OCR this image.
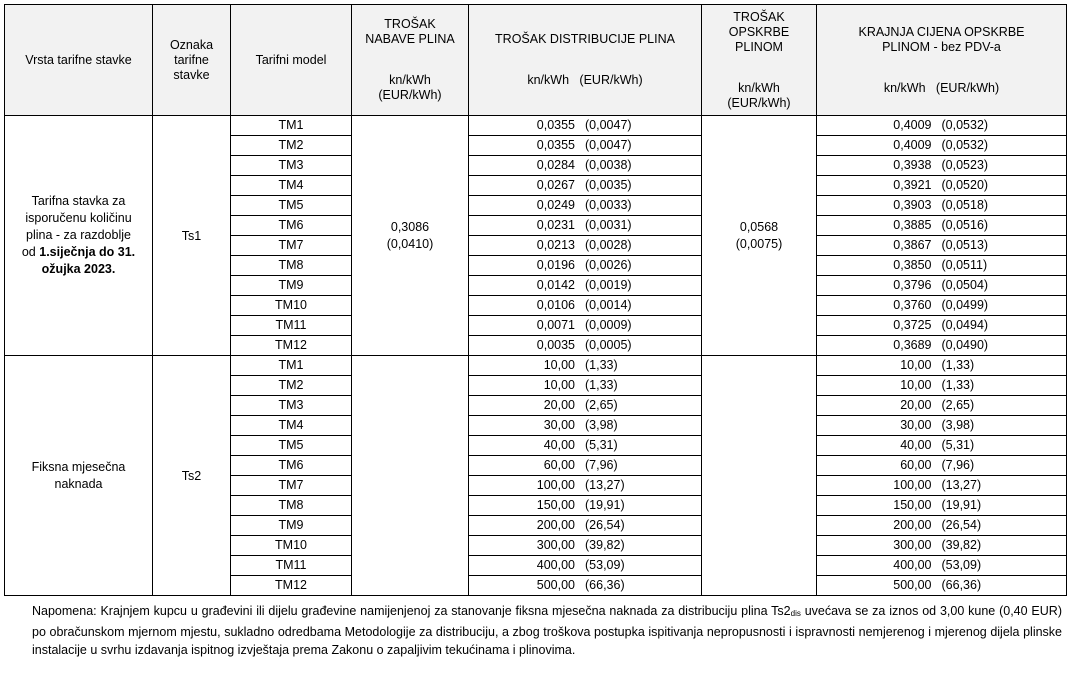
Vrsta tarifne stavke	Oznaka
tarifne
stavke	Tarifni model	TROŠAK
NABAVE PLINA
kn/kWh
(EUR/kWh)	TROŠAK DISTRIBUCIJE PLINA
kn/kWh   (EUR/kWh)	TROŠAK
OPSKRBE
PLINOM
kn/kWh
(EUR/kWh)	KRAJNJA CIJENA OPSKRBE
PLINOM - bez PDV-a
kn/kWh   (EUR/kWh)

Tarifna stavka za
isporučenu količinu
plina - za razdoblje
od 1.siječnja do 31.
ožujka 2023.	Ts1	TM1	0,3086
(0,0410)	0,0355 (0,0047)	0,0568
(0,0075)	0,4009 (0,0532)
		TM2		0,0355 (0,0047)		0,4009 (0,0532)
		TM3		0,0284 (0,0038)		0,3938 (0,0523)
		TM4		0,0267 (0,0035)		0,3921 (0,0520)
		TM5		0,0249 (0,0033)		0,3903 (0,0518)
		TM6		0,0231 (0,0031)		0,3885 (0,0516)
		TM7		0,0213 (0,0028)		0,3867 (0,0513)
		TM8		0,0196 (0,0026)		0,3850 (0,0511)
		TM9		0,0142 (0,0019)		0,3796 (0,0504)
		TM10		0,0106 (0,0014)		0,3760 (0,0499)
		TM11		0,0071 (0,0009)		0,3725 (0,0494)
		TM12		0,0035 (0,0005)		0,3689 (0,0490)
Fiksna mjesečna
naknada	Ts2	TM1		10,00 (1,33)		10,00 (1,33)
		TM2		10,00 (1,33)		10,00 (1,33)
		TM3		20,00 (2,65)		20,00 (2,65)
		TM4		30,00 (3,98)		30,00 (3,98)
		TM5		40,00 (5,31)		40,00 (5,31)
		TM6		60,00 (7,96)		60,00 (7,96)
		TM7		100,00 (13,27)		100,00 (13,27)
		TM8		150,00 (19,91)		150,00 (19,91)
		TM9		200,00 (26,54)		200,00 (26,54)
		TM10		300,00 (39,82)		300,00 (39,82)
		TM11		400,00 (53,09)		400,00 (53,09)
		TM12		500,00 (66,36)		500,00 (66,36)
Napomena: Krajnjem kupcu u građevini ili dijelu građevine namijenjenoj za stanovanje fiksna mjesečna naknada za distribuciju plina $Ts2_{dis}$ uvećava se za iznos od 3,00 kune (0,40 EUR) po obračunskom mjernom mjestu, sukladno odredbama Metodologije za distribuciju, a zbog troškova postupka ispitivanja nepropusnosti i ispravnosti nemjerenog i mjerenog dijela plinske instalacije u svrhu izdavanja ispitnog izvještaja prema Zakonu o zapaljivim tekućinama i plinovima.
